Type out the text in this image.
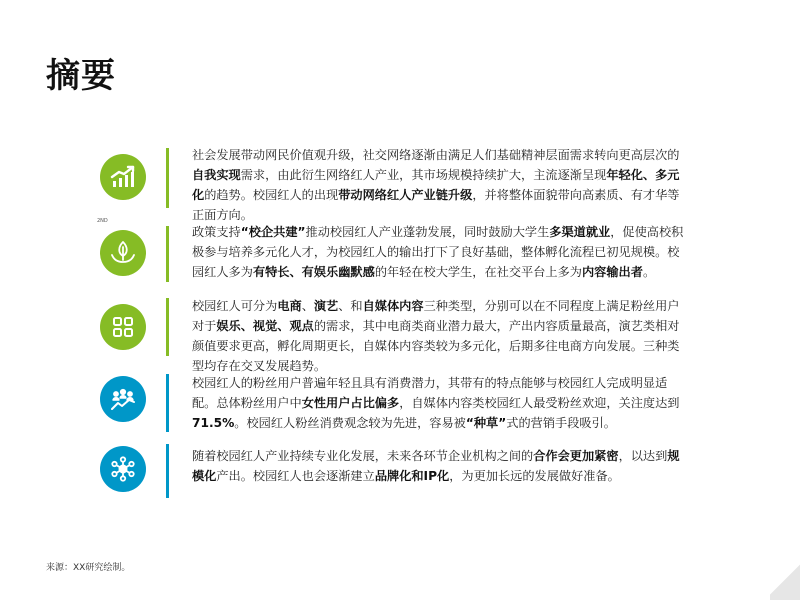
摘要
社会发展带动网民价值观升级，社交网络逐渐由满足人们基础精神层面需求转向更高层次的自我实现需求，由此衍生网络红人产业，其市场规模持续扩大，主流逐渐呈现年轻化、多元化的趋势。校园红人的出现带动网络红人产业链升级，并将整体面貌带向高素质、有才华等正面方向。
2ND
政策支持“校企共建”推动校园红人产业蓬勃发展，同时鼓励大学生多渠道就业，促使高校积极参与培养多元化人才，为校园红人的输出打下了良好基础，整体孵化流程已初见规模。校园红人多为有特长、有娱乐幽默感的年轻在校大学生，在社交平台上多为内容输出者。
校园红人可分为电商、演艺、和自媒体内容三种类型，分别可以在不同程度上满足粉丝用户对于娱乐、视觉、观点的需求，其中电商类商业潜力最大，产出内容质量最高，演艺类相对颜值要求更高，孵化周期更长，自媒体内容类较为多元化，后期多往电商方向发展。三种类型均存在交叉发展趋势。
校园红人的粉丝用户普遍年轻且具有消费潜力，其带有的特点能够与校园红人完成明显适配。总体粉丝用户中女性用户占比偏多，自媒体内容类校园红人最受粉丝欢迎，关注度达到71.5%。校园红人粉丝消费观念较为先进，容易被“种草”式的营销手段吸引。
随着校园红人产业持续专业化发展，未来各环节企业机构之间的合作会更加紧密，以达到规模化产出。校园红人也会逐渐建立品牌化和IP化，为更加长远的发展做好准备。
来源：XX研究绘制。
